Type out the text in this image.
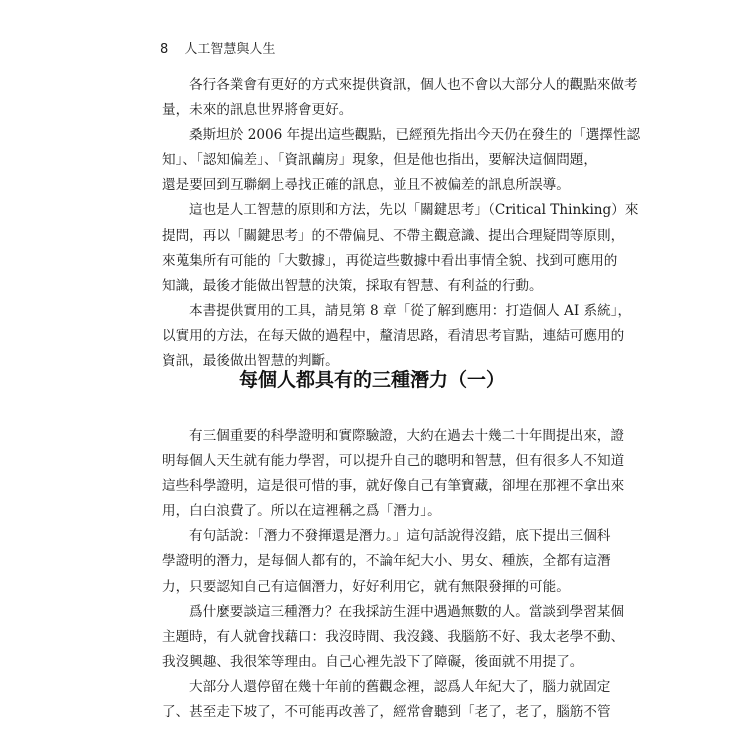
8 人工智慧與人生
各行各業會有更好的方式來提供資訊，個人也不會以大部分人的觀點來做考
量，未來的訊息世界將會更好。
桑斯坦於 2006 年提出這些觀點，已經預先指出今天仍在發生的「選擇性認
知」、「認知偏差」、「資訊繭房」現象，但是他也指出，要解決這個問題，
還是要回到互聯網上尋找正確的訊息，並且不被偏差的訊息所誤導。
這也是人工智慧的原則和方法，先以「關鍵思考」（Critical Thinking）來
提問，再以「關鍵思考」的不帶偏見、不帶主觀意識、提出合理疑問等原則，
來蒐集所有可能的「大數據」，再從這些數據中看出事情全貌、找到可應用的
知識，最後才能做出智慧的決策，採取有智慧、有利益的行動。
本書提供實用的工具，請見第 8 章「從了解到應用：打造個人 AI 系統」，
以實用的方法，在每天做的過程中，釐清思路，看清思考盲點，連結可應用的
資訊，最後做出智慧的判斷。
每個人都具有的三種潛力（一）
有三個重要的科學證明和實際驗證，大約在過去十幾二十年間提出來，證
明每個人天生就有能力學習，可以提升自己的聰明和智慧，但有很多人不知道
這些科學證明，這是很可惜的事，就好像自己有筆寶藏，卻埋在那裡不拿出來
用，白白浪費了。所以在這裡稱之爲「潛力」。
有句話說：「潛力不發揮還是潛力。」這句話說得沒錯，底下提出三個科
學證明的潛力，是每個人都有的，不論年紀大小、男女、種族，全都有這潛
力，只要認知自己有這個潛力，好好利用它，就有無限發揮的可能。
爲什麼要談這三種潛力？在我採訪生涯中遇過無數的人。當談到學習某個
主題時，有人就會找藉口：我沒時間、我沒錢、我腦筋不好、我太老學不動、
我沒興趣、我很笨等理由。自己心裡先設下了障礙，後面就不用提了。
大部分人還停留在幾十年前的舊觀念裡，認爲人年紀大了，腦力就固定
了、甚至走下坡了，不可能再改善了，經常會聽到「老了，老了，腦筋不管
